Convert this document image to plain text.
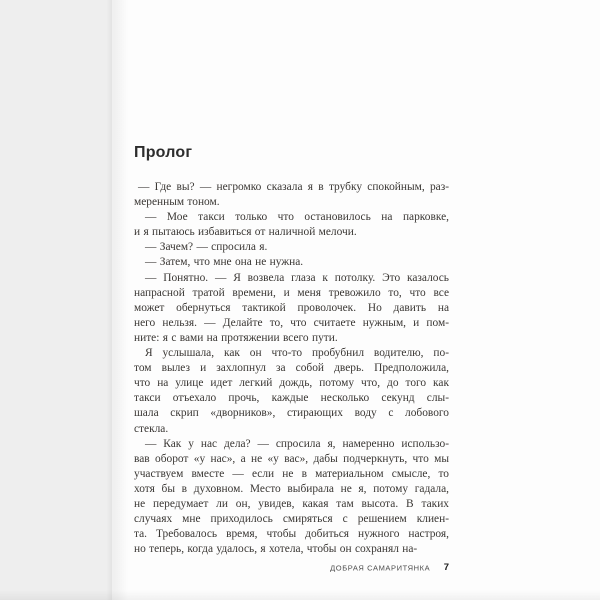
Пролог
— Где вы? — негромко сказала я в трубку спокойным, раз-
меренным тоном.
— Мое такси только что остановилось на парковке,
и я пытаюсь избавиться от наличной мелочи.
— Зачем? — спросила я.
— Затем, что мне она не нужна.
— Понятно. — Я возвела глаза к потолку. Это казалось
напрасной тратой времени, и меня тревожило то, что все
может обернуться тактикой проволочек. Но давить на
него нельзя. — Делайте то, что считаете нужным, и пом-
ните: я с вами на протяжении всего пути.
Я услышала, как он что-то пробубнил водителю, по-
том вылез и захлопнул за собой дверь. Предположила,
что на улице идет легкий дождь, потому что, до того как
такси отъехало прочь, каждые несколько секунд слы-
шала скрип «дворников», стирающих воду с лобового
стекла.
— Как у нас дела? — спросила я, намеренно использо-
вав оборот «у нас», а не «у вас», дабы подчеркнуть, что мы
участвуем вместе — если не в материальном смысле, то
хотя бы в духовном. Место выбирала не я, потому гадала,
не передумает ли он, увидев, какая там высота. В таких
случаях мне приходилось смиряться с решением клиен-
та. Требовалось время, чтобы добиться нужного настроя,
но теперь, когда удалось, я хотела, чтобы он сохранял на-
ДОБРАЯ САМАРИТЯНКА 7
